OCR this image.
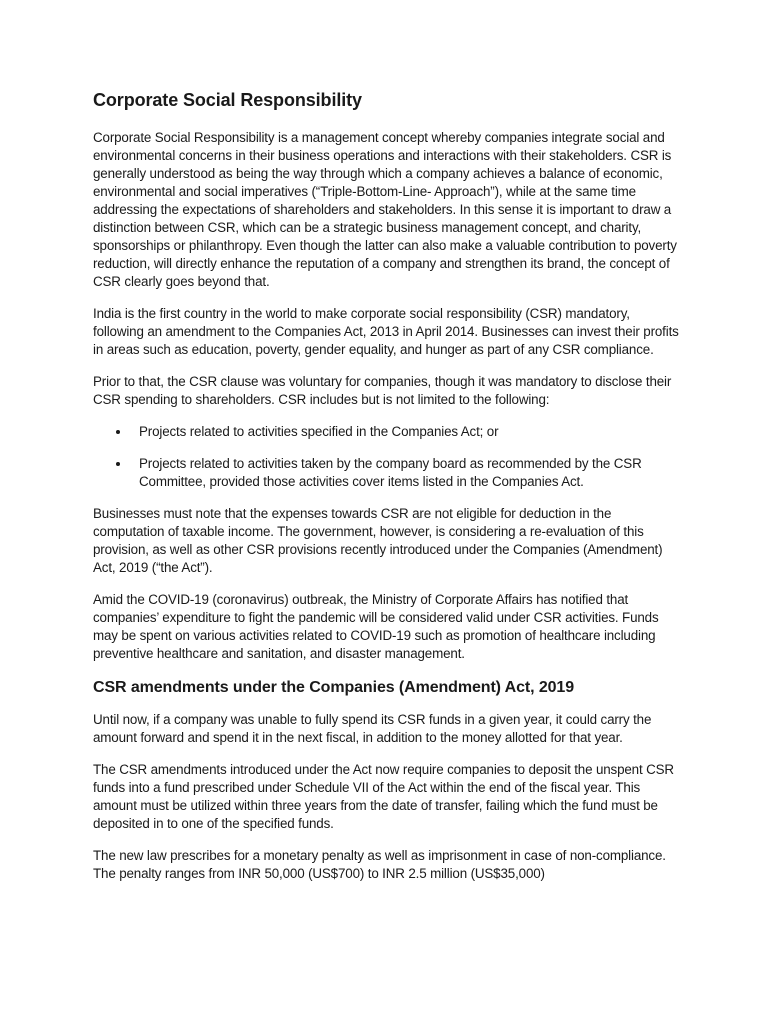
Corporate Social Responsibility

Corporate Social Responsibility is a management concept whereby companies integrate social and environmental concerns in their business operations and interactions with their stakeholders. CSR is generally understood as being the way through which a company achieves a balance of economic, environmental and social imperatives (“Triple-Bottom-Line- Approach”), while at the same time addressing the expectations of shareholders and stakeholders. In this sense it is important to draw a distinction between CSR, which can be a strategic business management concept, and charity, sponsorships or philanthropy. Even though the latter can also make a valuable contribution to poverty reduction, will directly enhance the reputation of a company and strengthen its brand, the concept of CSR clearly goes beyond that.

India is the first country in the world to make corporate social responsibility (CSR) mandatory, following an amendment to the Companies Act, 2013 in April 2014. Businesses can invest their profits in areas such as education, poverty, gender equality, and hunger as part of any CSR compliance.

Prior to that, the CSR clause was voluntary for companies, though it was mandatory to disclose their CSR spending to shareholders. CSR includes but is not limited to the following:

Projects related to activities specified in the Companies Act; or
Projects related to activities taken by the company board as recommended by the CSR Committee, provided those activities cover items listed in the Companies Act.

Businesses must note that the expenses towards CSR are not eligible for deduction in the computation of taxable income. The government, however, is considering a re-evaluation of this provision, as well as other CSR provisions recently introduced under the Companies (Amendment) Act, 2019 (“the Act”).

Amid the COVID-19 (coronavirus) outbreak, the Ministry of Corporate Affairs has notified that companies’ expenditure to fight the pandemic will be considered valid under CSR activities. Funds may be spent on various activities related to COVID-19 such as promotion of healthcare including preventive healthcare and sanitation, and disaster management.

CSR amendments under the Companies (Amendment) Act, 2019

Until now, if a company was unable to fully spend its CSR funds in a given year, it could carry the amount forward and spend it in the next fiscal, in addition to the money allotted for that year.

The CSR amendments introduced under the Act now require companies to deposit the unspent CSR funds into a fund prescribed under Schedule VII of the Act within the end of the fiscal year. This amount must be utilized within three years from the date of transfer, failing which the fund must be deposited in to one of the specified funds.

The new law prescribes for a monetary penalty as well as imprisonment in case of non-compliance. The penalty ranges from INR 50,000 (US$700) to INR 2.5 million (US$35,000)
